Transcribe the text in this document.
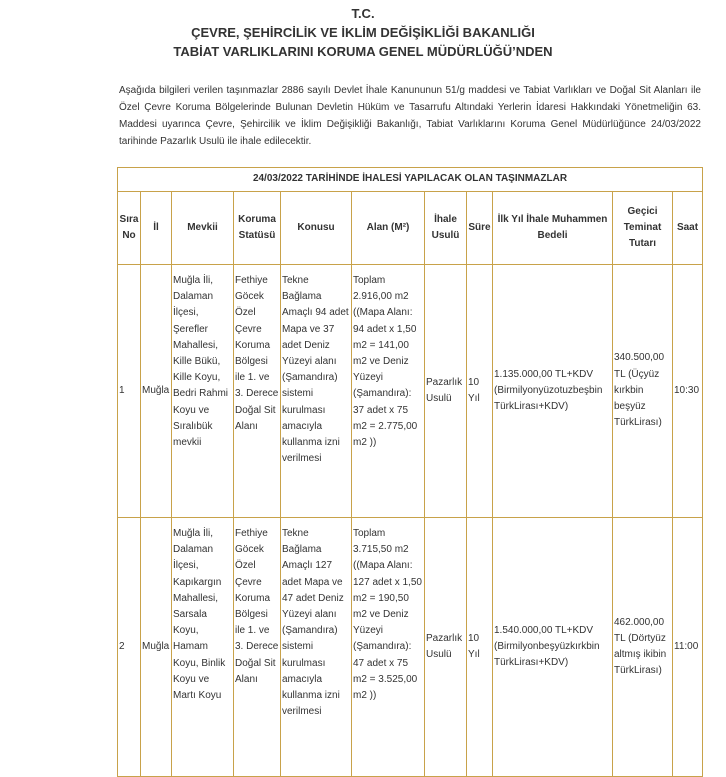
T.C.
ÇEVRE, ŞEHİRCİLİK VE İKLİM DEĞİŞİKLİĞİ BAKANLIĞI
TABİAT VARLIKLARINI KORUMA GENEL MÜDÜRLÜĞÜ’NDEN
Aşağıda bilgileri verilen taşınmazlar 2886 sayılı Devlet İhale Kanununun 51/g maddesi ve Tabiat Varlıkları ve Doğal Sit Alanları ile Özel Çevre Koruma Bölgelerinde Bulunan Devletin Hüküm ve Tasarrufu Altındaki Yerlerin İdaresi Hakkındaki Yönetmeliğin 63. Maddesi uyarınca Çevre, Şehircilik ve İklim Değişikliği Bakanlığı, Tabiat Varlıklarını Koruma Genel Müdürlüğünce 24/03/2022 tarihinde Pazarlık Usulü ile ihale edilecektir.
24/03/2022 TARİHİNDE İHALESİ YAPILACAK OLAN TAŞINMAZLAR										
Sıra No	İl	Mevkii	Koruma Statüsü	Konusu	Alan (M²)	İhale Usulü	Süre	İlk Yıl İhale Muhammen Bedeli	Geçici Teminat Tutarı	Saat
1	Muğla	Muğla İli, Dalaman İlçesi, Şerefler Mahallesi, Kille Bükü, Kille Koyu, Bedri Rahmi Koyu ve Sıralıbük mevkii	Fethiye Göcek Özel Çevre Koruma Bölgesi ile 1. ve 3. Derece Doğal Sit Alanı	Tekne Bağlama Amaçlı 94 adet Mapa ve 37 adet Deniz Yüzeyi alanı (Şamandıra) sistemi kurulması amacıyla kullanma izni verilmesi	Toplam 2.916,00 m2 ((Mapa Alanı: 94 adet x 1,50 m2 = 141,00 m2 ve Deniz Yüzeyi (Şamandıra): 37 adet x 75 m2 = 2.775,00 m2 ))	Pazarlık Usulü	10 Yıl	1.135.000,00 TL+KDV (Birmilyonyüzotuzbeşbin TürkLirası+KDV)	340.500,00 TL (Üçyüz kırkbin beşyüz TürkLirası)	10:30
2	Muğla	Muğla İli, Dalaman İlçesi, Kapıkargın Mahallesi, Sarsala Koyu, Hamam Koyu, Binlik Koyu ve Martı Koyu	Fethiye Göcek Özel Çevre Koruma Bölgesi ile 1. ve 3. Derece Doğal Sit Alanı	Tekne Bağlama Amaçlı 127 adet Mapa ve 47 adet Deniz Yüzeyi alanı (Şamandıra) sistemi kurulması amacıyla kullanma izni verilmesi	Toplam 3.715,50 m2 ((Mapa Alanı: 127 adet x 1,50 m2 = 190,50 m2 ve Deniz Yüzeyi (Şamandıra): 47 adet x 75 m2 = 3.525,00 m2 ))	Pazarlık Usulü	10 Yıl	1.540.000,00 TL+KDV (Birmilyonbeşyüzkırkbin TürkLirası+KDV)	462.000,00 TL (Dörtyüz altmış ikibin TürkLirası)	11:00
